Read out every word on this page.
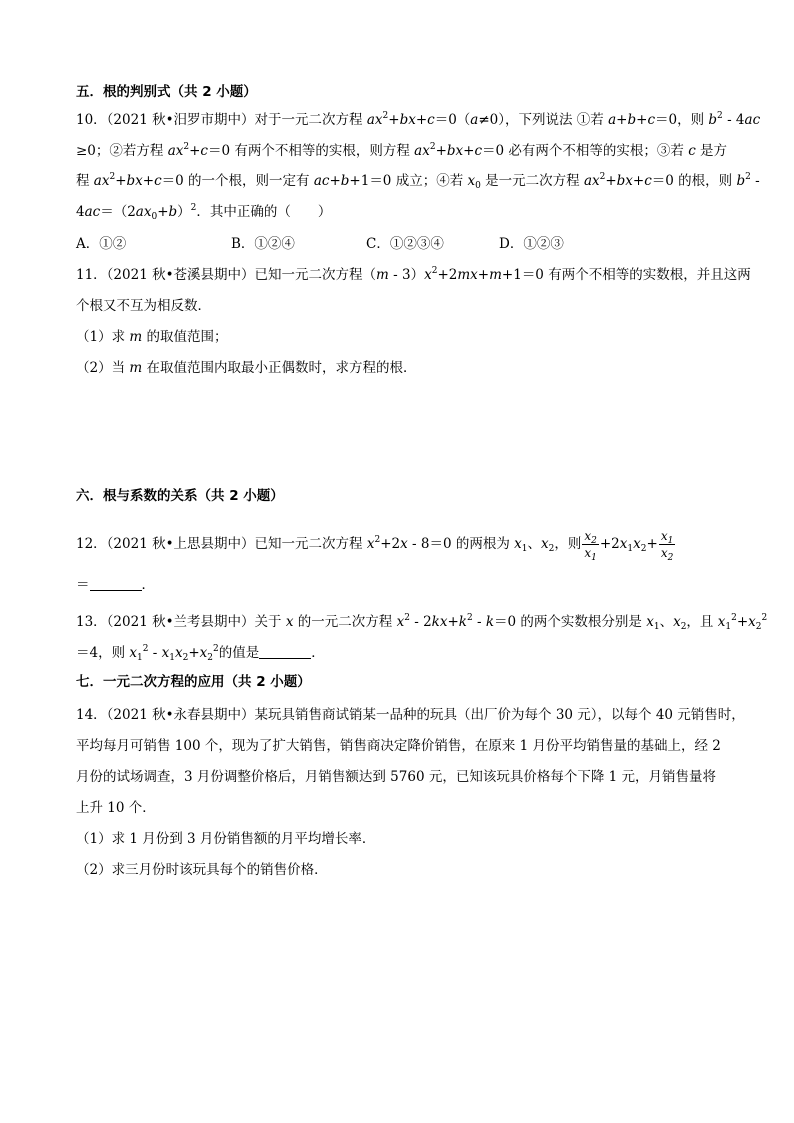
五．根的判别式（共 2 小题）
10．（2021 秋•汨罗市期中）对于一元二次方程 $ax^2+bx+c=0(a\ne 0)$，下列说法 ①若 a+b+c＝0，则 $b^2 - 4ac$
≥0；②若方程 $ax^2+c=0$ 有两个不相等的实根，则方程 $ax^2+bx+c=0$ 必有两个不相等的实根；③若 c 是方
程 $ax^2+bx+c=0$ 的一个根，则一定有 ac+b+1＝0 成立；④若 $x_0$ 是一元二次方程 $ax^2+bx+c=0$ 的根，则 $b^2$ -
$4ac=(2ax_0+b)^2$．其中正确的（　　）
A．①②	B．①②④	C．①②③④	D．①②③
11．（2021 秋•苍溪县期中）已知一元二次方程$(m - 3)x^2+2mx+m+1=0$ 有两个不相等的实数根，并且这两
个根又不互为相反数．
（1）求 m 的取值范围；
（2）当 m 在取值范围内取最小正偶数时，求方程的根．
六．根与系数的关系（共 2 小题）
12．（2021 秋•上思县期中）已知一元二次方程 $x^2+2x - 8=0$ 的两根为 $x_1$、$x_2$，则 $\frac{x_2}{x_1} +2x_1x_2+ \frac{x_1}{x_2}$
＝	．
13．（2021 秋•兰考县期中）关于 x 的一元二次方程 $x^2 - 2kx+k^2 - k=0$ 的两个实数根分别是 $x_1$、$x_2$，且 $x_1^2+x_2^2$
＝4，则 $x_1^2 - x_1x_2+x_2^2$的值是	．
七．一元二次方程的应用（共 2 小题）
14．（2021 秋•永春县期中）某玩具销售商试销某一品种的玩具（出厂价为每个 30 元），以每个 40 元销售时，
平均每月可销售 100 个，现为了扩大销售，销售商决定降价销售，在原来 1 月份平均销售量的基础上，经 2
月份的试场调查，3 月份调整价格后，月销售额达到 5760 元，已知该玩具价格每个下降 1 元，月销售量将
上升 10 个．
（1）求 1 月份到 3 月份销售额的月平均增长率．
（2）求三月份时该玩具每个的销售价格．
